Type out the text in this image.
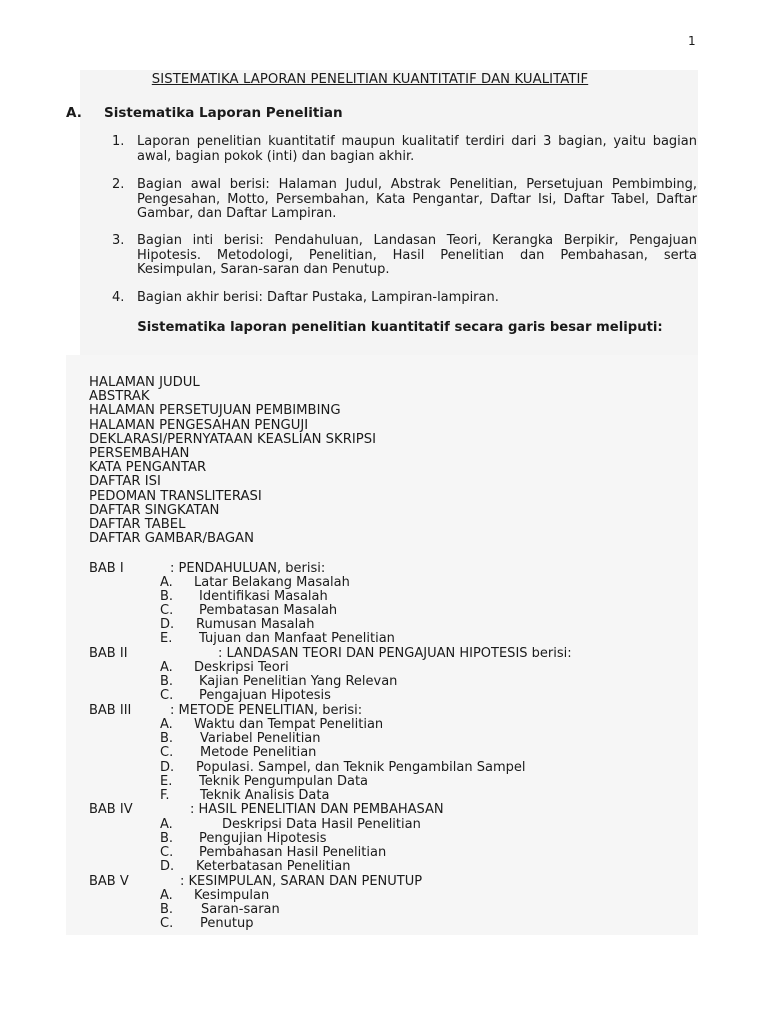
1
SISTEMATIKA LAPORAN PENELITIAN KUANTITATIF DAN KUALITATIF
A. Sistematika Laporan Penelitian
1. Laporan penelitian kuantitatif maupun kualitatif terdiri dari 3 bagian, yaitu bagian awal, bagian pokok (inti) dan bagian akhir.
2. Bagian awal berisi: Halaman Judul, Abstrak Penelitian, Persetujuan Pembimbing, Pengesahan, Motto, Persembahan, Kata Pengantar, Daftar Isi, Daftar Tabel, Daftar Gambar, dan Daftar Lampiran.
3. Bagian inti berisi: Pendahuluan, Landasan Teori, Kerangka Berpikir, Pengajuan Hipotesis. Metodologi, Penelitian, Hasil Penelitian dan Pembahasan, serta Kesimpulan, Saran-saran dan Penutup.
4. Bagian akhir berisi: Daftar Pustaka, Lampiran-lampiran.
Sistematika laporan penelitian kuantitatif secara garis besar meliputi:
HALAMAN JUDUL
ABSTRAK
HALAMAN PERSETUJUAN PEMBIMBING
HALAMAN PENGESAHAN PENGUJI
DEKLARASI/PERNYATAAN KEASLIAN SKRIPSI
PERSEMBAHAN
KATA PENGANTAR
DAFTAR ISI
PEDOMAN TRANSLITERASI
DAFTAR SINGKATAN
DAFTAR TABEL
DAFTAR GAMBAR/BAGAN
BAB I	: PENDAHULUAN, berisi:
A. Latar Belakang Masalah
B. Identifikasi Masalah
C. Pembatasan Masalah
D. Rumusan Masalah
E. Tujuan dan Manfaat Penelitian
BAB II	: LANDASAN TEORI DAN PENGAJUAN HIPOTESIS berisi:
A. Deskripsi Teori
B. Kajian Penelitian Yang Relevan
C. Pengajuan Hipotesis
BAB III	: METODE PENELITIAN, berisi:
A. Waktu dan Tempat Penelitian
B. Variabel Penelitian
C. Metode Penelitian
D. Populasi. Sampel, dan Teknik Pengambilan Sampel
E. Teknik Pengumpulan Data
F. Teknik Analisis Data
BAB IV	: HASIL PENELITIAN DAN PEMBAHASAN
A.	Deskripsi Data Hasil Penelitian
B. Pengujian Hipotesis
C. Pembahasan Hasil Penelitian
D. Keterbatasan Penelitian
BAB V	: KESIMPULAN, SARAN DAN PENUTUP
A. Kesimpulan
B. Saran-saran
C. Penutup
